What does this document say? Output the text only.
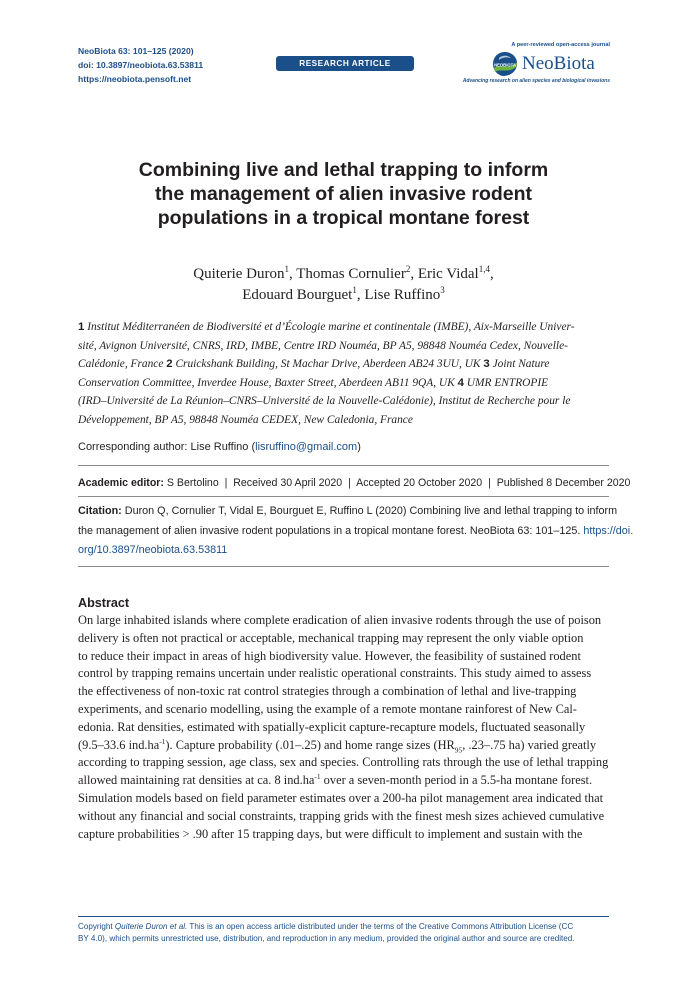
NeoBiota 63: 101–125 (2020)
doi: 10.3897/neobiota.63.53811
https://neobiota.pensoft.net
RESEARCH ARTICLE
A peer-reviewed open-access journal
NEOBIOTA NeoBiota
Advancing research on alien species and biological invasions
Combining live and lethal trapping to inform
the management of alien invasive rodent
populations in a tropical montane forest
Quiterie Duron$^1$, Thomas Cornulier$^2$, Eric Vidal$^{1,4}$,
Edouard Bourguet$^1$, Lise Ruffino$^3$
1 Institut Méditerranéen de Biodiversité et d’Écologie marine et continentale (IMBE), Aix-Marseille Univer-
sité, Avignon Université, CNRS, IRD, IMBE, Centre IRD Nouméa, BP A5, 98848 Nouméa Cedex, Nouvelle-
Calédonie, France 2 Cruickshank Building, St Machar Drive, Aberdeen AB24 3UU, UK 3 Joint Nature
Conservation Committee, Inverdee House, Baxter Street, Aberdeen AB11 9QA, UK 4 UMR ENTROPIE
(IRD–Université de La Réunion–CNRS–Université de la Nouvelle-Calédonie), Institut de Recherche pour le
Développement, BP A5, 98848 Nouméa CEDEX, New Caledonia, France
Corresponding author: Lise Ruffino (lisruffino@gmail.com)
Academic editor: S Bertolino  |  Received 30 April 2020  |  Accepted 20 October 2020  |  Published 8 December 2020
Citation: Duron Q, Cornulier T, Vidal E, Bourguet E, Ruffino L (2020) Combining live and lethal trapping to inform
the management of alien invasive rodent populations in a tropical montane forest. NeoBiota 63: 101–125. https://doi.
org/10.3897/neobiota.63.53811
Abstract
On large inhabited islands where complete eradication of alien invasive rodents through the use of poison
delivery is often not practical or acceptable, mechanical trapping may represent the only viable option
to reduce their impact in areas of high biodiversity value. However, the feasibility of sustained rodent
control by trapping remains uncertain under realistic operational constraints. This study aimed to assess
the effectiveness of non-toxic rat control strategies through a combination of lethal and live-trapping
experiments, and scenario modelling, using the example of a remote montane rainforest of New Cal-
edonia. Rat densities, estimated with spatially-explicit capture-recapture models, fluctuated seasonally
(9.5–33.6 $ind.ha^{-1}$). Capture probability (.01–.25) and home range sizes ($HR_{95}$, .23–.75 ha) varied greatly
according to trapping session, age class, sex and species. Controlling rats through the use of lethal trapping
allowed maintaining rat densities at ca. 8 $ind.ha^{-1}$ over a seven-month period in a 5.5-ha montane forest.
Simulation models based on field parameter estimates over a 200-ha pilot management area indicated that
without any financial and social constraints, trapping grids with the finest mesh sizes achieved cumulative
capture probabilities > .90 after 15 trapping days, but were difficult to implement and sustain with the
Copyright Quiterie Duron et al. This is an open access article distributed under the terms of the Creative Commons Attribution License (CC
BY 4.0), which permits unrestricted use, distribution, and reproduction in any medium, provided the original author and source are credited.
